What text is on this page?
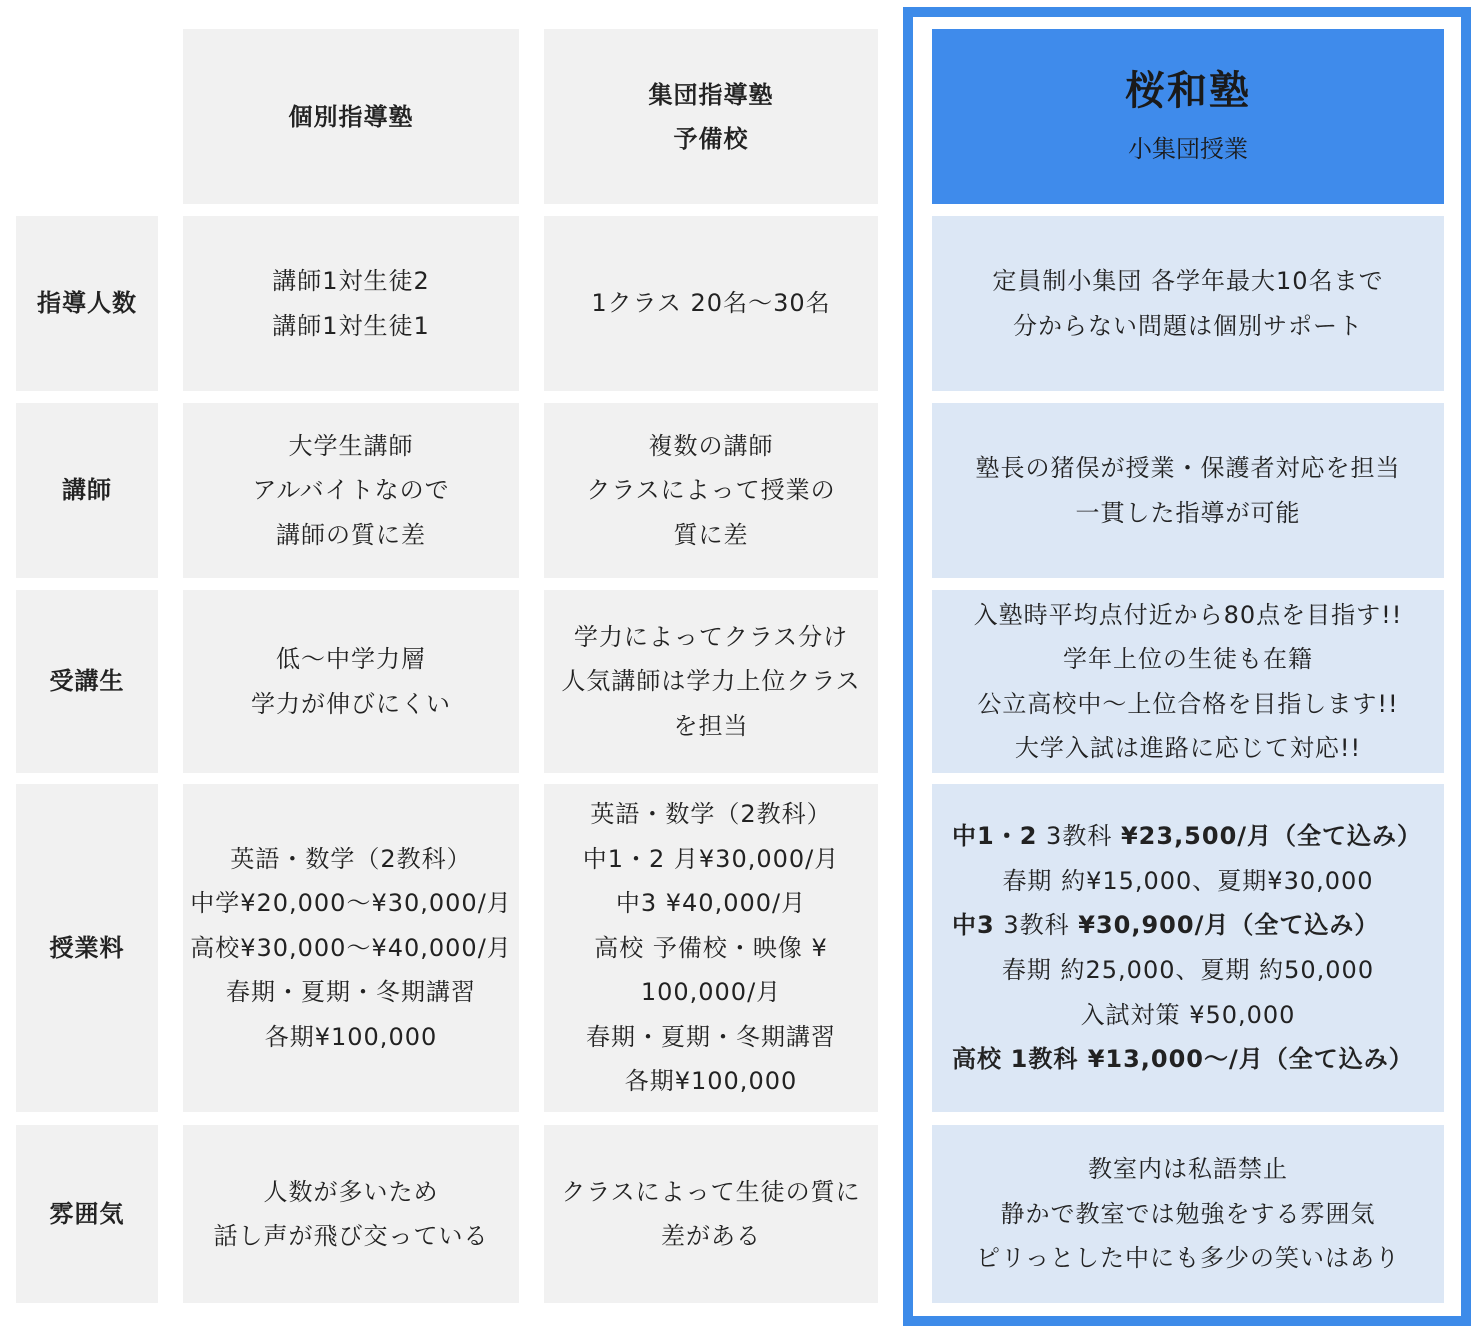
個別指導塾
集団指導塾
予備校
桜和塾
小集団授業
指導人数
講師1対生徒2
講師1対生徒1
1クラス 20名〜30名
定員制小集団 各学年最大10名まで
分からない問題は個別サポート
講師
大学生講師
アルバイトなので
講師の質に差
複数の講師
クラスによって授業の
質に差
塾長の猪俣が授業・保護者対応を担当
一貫した指導が可能
受講生
低〜中学力層
学力が伸びにくい
学力によってクラス分け
人気講師は学力上位クラス
を担当
入塾時平均点付近から80点を目指す!!
学年上位の生徒も在籍
公立高校中〜上位合格を目指します!!
大学入試は進路に応じて対応!!
授業料
英語・数学（2教科）
中学¥20,000〜¥30,000/月
高校¥30,000〜¥40,000/月
春期・夏期・冬期講習
各期¥100,000
英語・数学（2教科）
中1・2 月¥30,000/月
中3 ¥40,000/月
高校 予備校・映像 ¥
100,000/月
春期・夏期・冬期講習
各期¥100,000
中1・2 3教科 ¥23,500/月（全て込み）
春期 約¥15,000、夏期¥30,000
中3 3教科 ¥30,900/月（全て込み）
春期 約25,000、夏期 約50,000
入試対策 ¥50,000
高校 1教科 ¥13,000〜/月（全て込み）
雰囲気
人数が多いため
話し声が飛び交っている
クラスによって生徒の質に
差がある
教室内は私語禁止
静かで教室では勉強をする雰囲気
ピリっとした中にも多少の笑いはあり
